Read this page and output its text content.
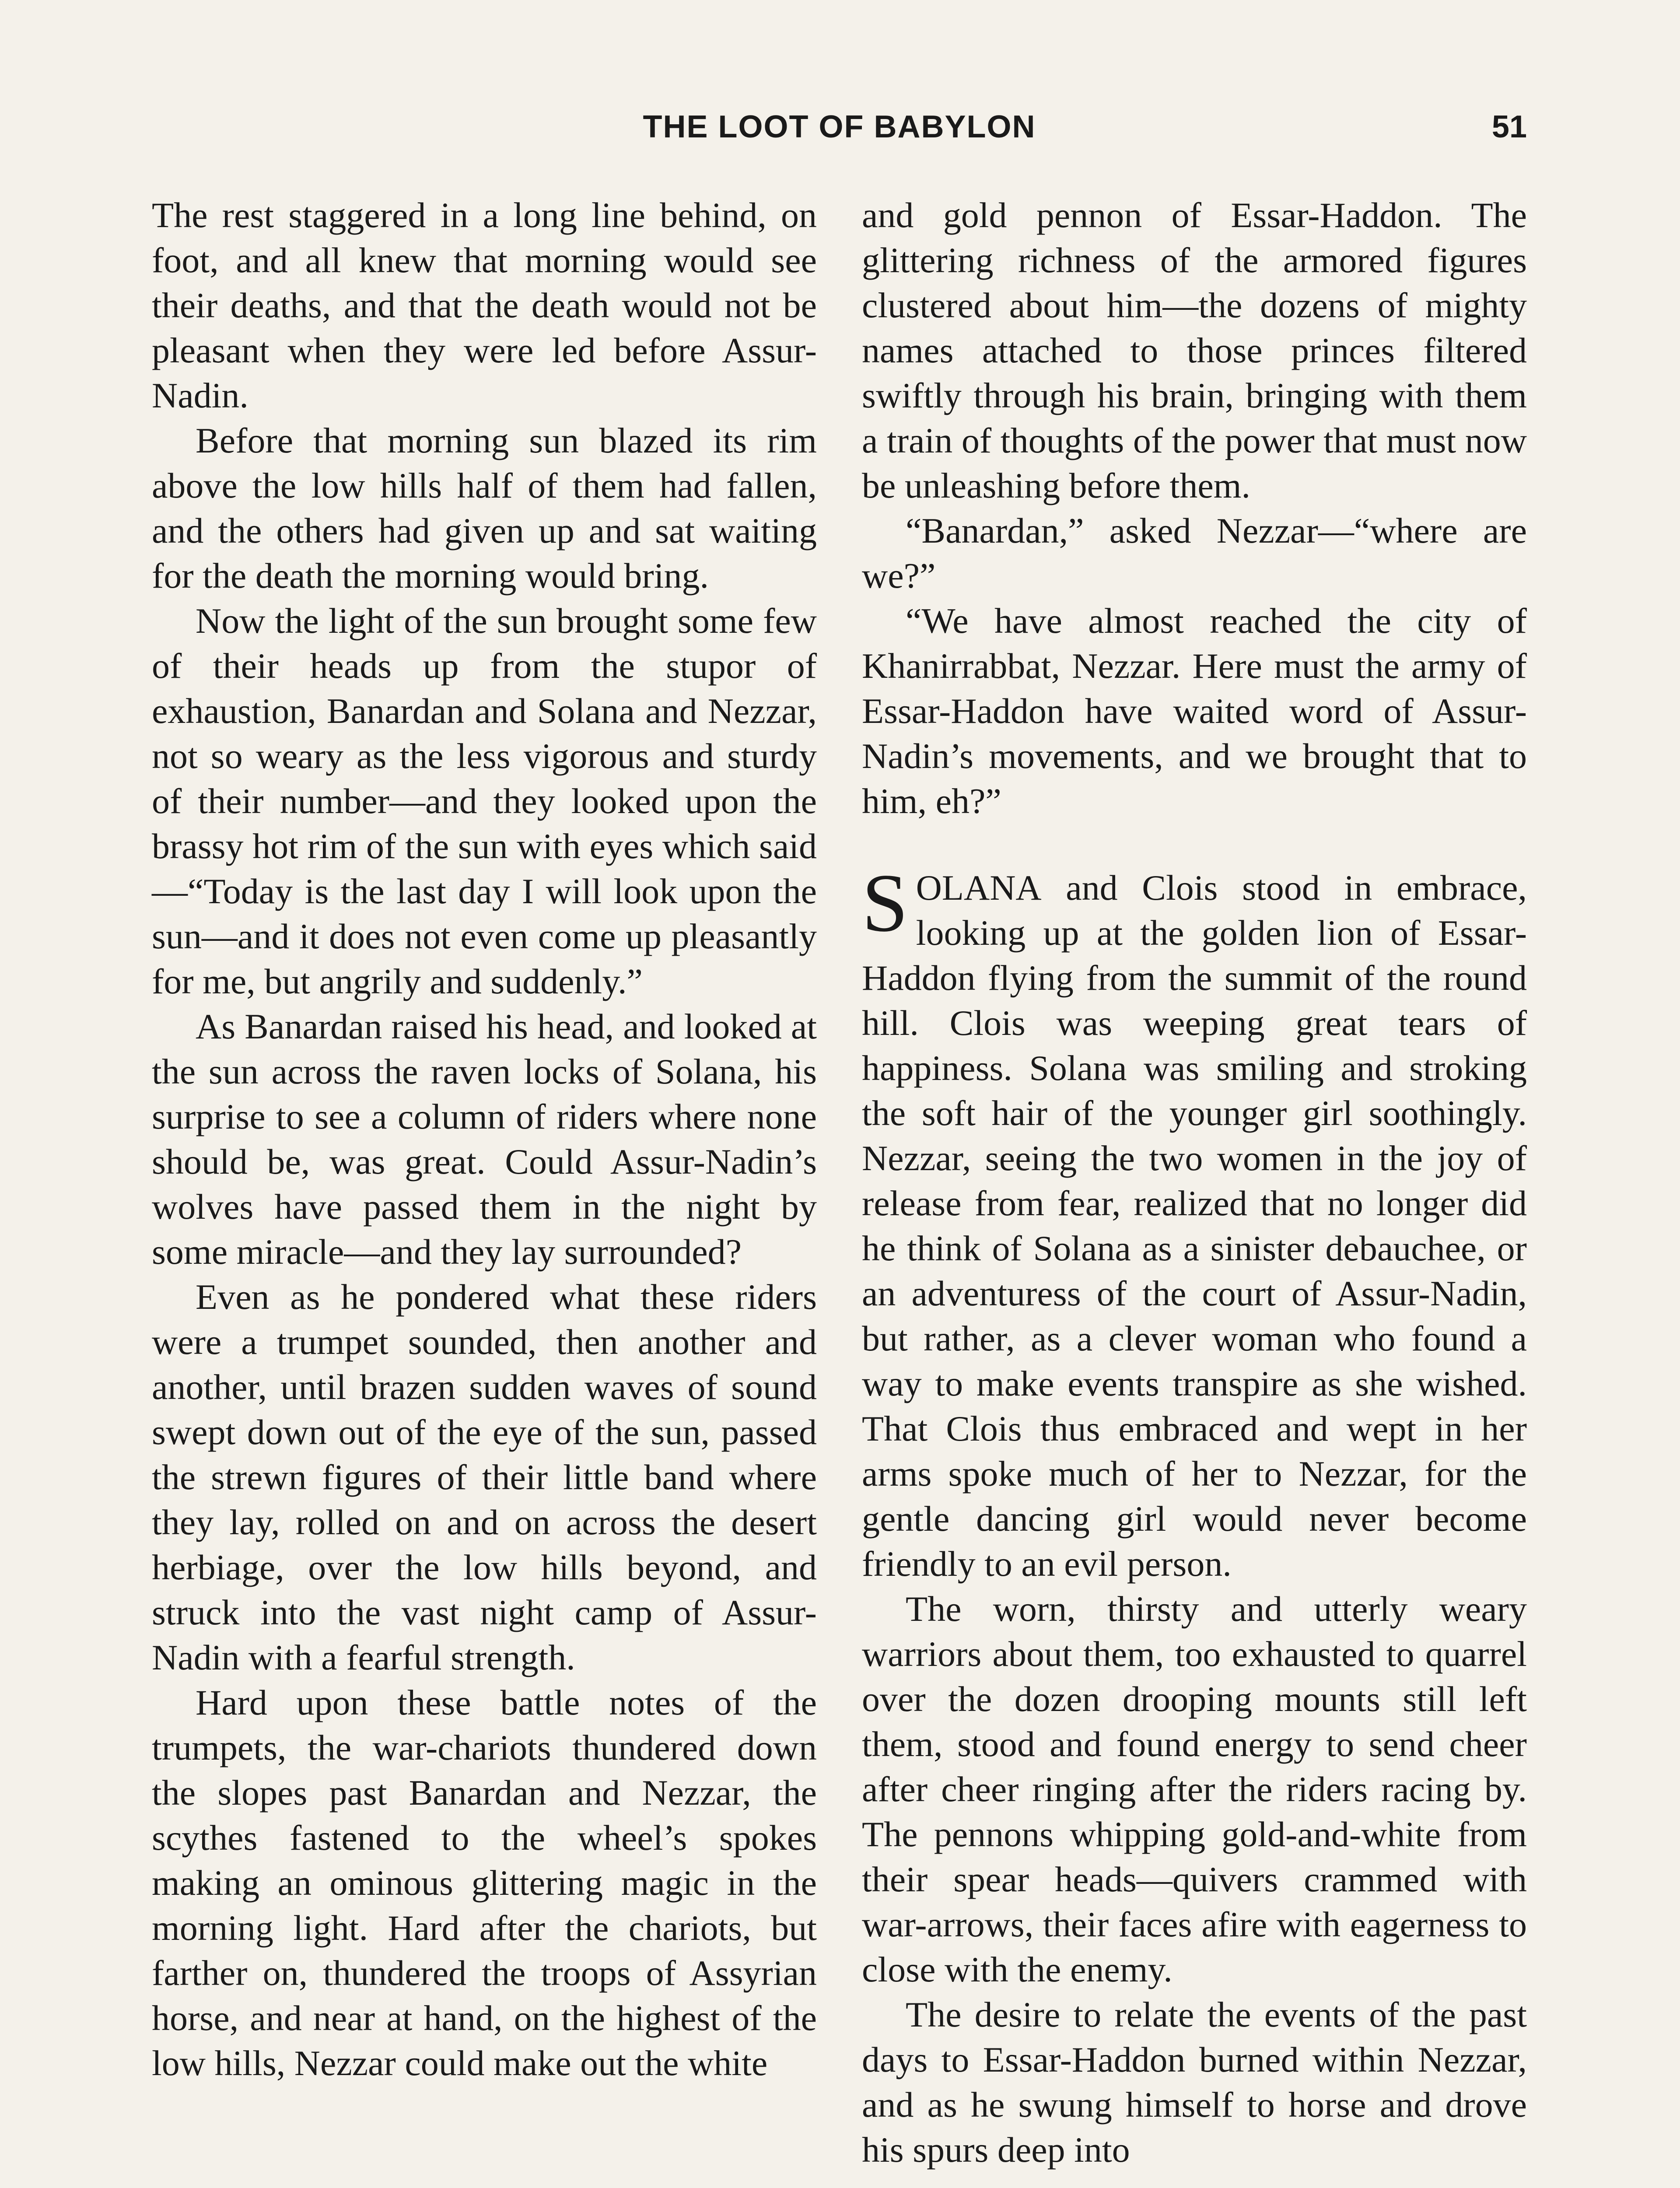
THE LOOT OF BABYLON	51

The rest staggered in a long line behind, on foot, and all knew that morning would see their deaths, and that the death would not be pleasant when they were led before Assur-Nadin.

Before that morning sun blazed its rim above the low hills half of them had fallen, and the others had given up and sat waiting for the death the morning would bring.

Now the light of the sun brought some few of their heads up from the stupor of exhaustion, Banardan and Solana and Nezzar, not so weary as the less vigorous and sturdy of their number—and they looked upon the brassy hot rim of the sun with eyes which said —“Today is the last day I will look upon the sun—and it does not even come up pleasantly for me, but angrily and suddenly.”

As Banardan raised his head, and looked at the sun across the raven locks of Solana, his surprise to see a column of riders where none should be, was great. Could Assur-Nadin’s wolves have passed them in the night by some miracle—and they lay surrounded?

Even as he pondered what these riders were a trumpet sounded, then another and another, until brazen sudden waves of sound swept down out of the eye of the sun, passed the strewn figures of their little band where they lay, rolled on and on across the desert herbiage, over the low hills beyond, and struck into the vast night camp of Assur-Nadin with a fearful strength.

Hard upon these battle notes of the trumpets, the war-chariots thundered down the slopes past Banardan and Nezzar, the scythes fastened to the wheel’s spokes making an ominous glittering magic in the morning light. Hard after the chariots, but farther on, thundered the troops of Assyrian horse, and near at hand, on the highest of the low hills, Nezzar could make out the white

and gold pennon of Essar-Haddon. The glittering richness of the armored figures clustered about him—the dozens of mighty names attached to those princes filtered swiftly through his brain, bringing with them a train of thoughts of the power that must now be unleashing before them.

“Banardan,” asked Nezzar—“where are we?”

“We have almost reached the city of Khanirrabbat, Nezzar. Here must the army of Essar-Haddon have waited word of Assur-Nadin’s movements, and we brought that to him, eh?”

SOLANA and Clois stood in embrace, looking up at the golden lion of Essar-Haddon flying from the summit of the round hill. Clois was weeping great tears of happiness. Solana was smiling and stroking the soft hair of the younger girl soothingly. Nezzar, seeing the two women in the joy of release from fear, realized that no longer did he think of Solana as a sinister debauchee, or an adventuress of the court of Assur-Nadin, but rather, as a clever woman who found a way to make events transpire as she wished. That Clois thus embraced and wept in her arms spoke much of her to Nezzar, for the gentle dancing girl would never become friendly to an evil person.

The worn, thirsty and utterly weary warriors about them, too exhausted to quarrel over the dozen drooping mounts still left them, stood and found energy to send cheer after cheer ringing after the riders racing by. The pennons whipping gold-and-white from their spear heads—quivers crammed with war-arrows, their faces afire with eagerness to close with the enemy.

The desire to relate the events of the past days to Essar-Haddon burned within Nezzar, and as he swung himself to horse and drove his spurs deep into
